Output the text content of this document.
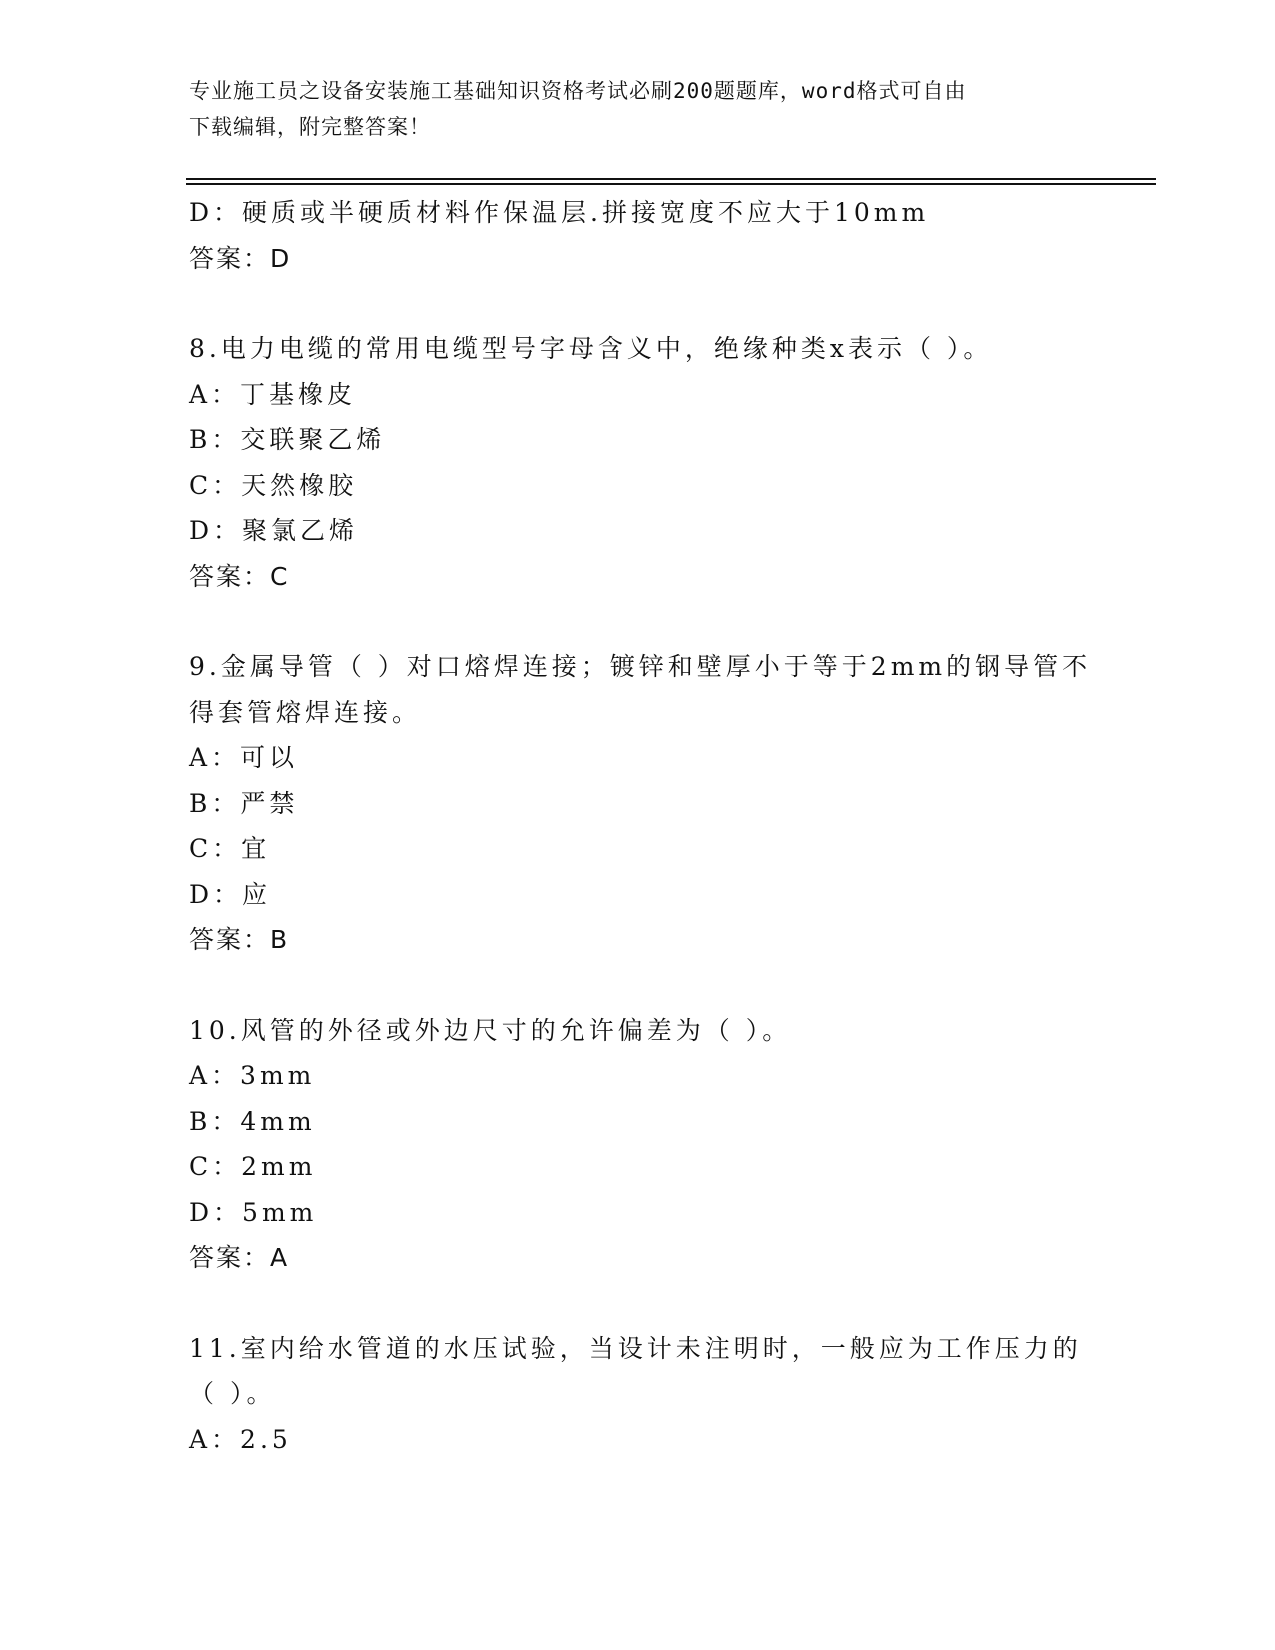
专业施工员之设备安装施工基础知识资格考试必刷200题题库，word格式可自由
下载编辑，附完整答案！
D：硬质或半硬质材料作保温层.拼接宽度不应大于10mm
答案：D
8.电力电缆的常用电缆型号字母含义中，绝缘种类x表示（ ）。
A：丁基橡皮
B：交联聚乙烯
C：天然橡胶
D：聚氯乙烯
答案：C
9.金属导管（ ）对口熔焊连接；镀锌和壁厚小于等于2mm的钢导管不
得套管熔焊连接。
A：可以
B：严禁
C：宜
D：应
答案：B
10.风管的外径或外边尺寸的允许偏差为（ ）。
A：3mm
B：4mm
C：2mm
D：5mm
答案：A
11.室内给水管道的水压试验，当设计未注明时，一般应为工作压力的
（ ）。
A：2.5
